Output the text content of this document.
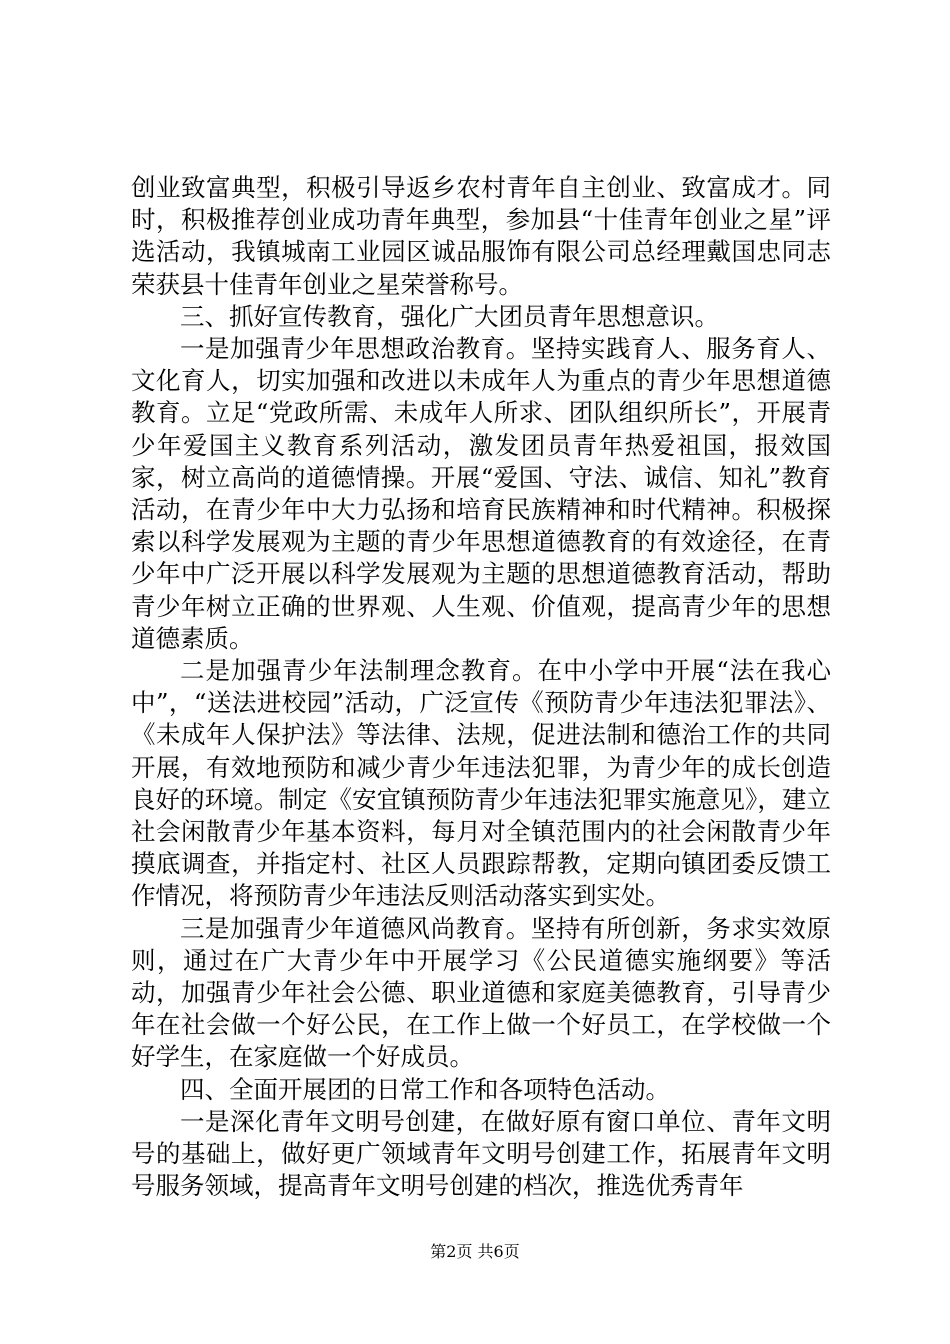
创业致富典型，积极引导返乡农村青年自主创业、致富成才。同时，积极推荐创业成功青年典型，参加县“十佳青年创业之星”评选活动，我镇城南工业园区诚品服饰有限公司总经理戴国忠同志荣获县十佳青年创业之星荣誉称号。

三、抓好宣传教育，强化广大团员青年思想意识。

一是加强青少年思想政治教育。坚持实践育人、服务育人、文化育人，切实加强和改进以未成年人为重点的青少年思想道德教育。立足“党政所需、未成年人所求、团队组织所长”，开展青少年爱国主义教育系列活动，激发团员青年热爱祖国，报效国家，树立高尚的道德情操。开展“爱国、守法、诚信、知礼”教育活动，在青少年中大力弘扬和培育民族精神和时代精神。积极探索以科学发展观为主题的青少年思想道德教育的有效途径，在青少年中广泛开展以科学发展观为主题的思想道德教育活动，帮助青少年树立正确的世界观、人生观、价值观，提高青少年的思想道德素质。

二是加强青少年法制理念教育。在中小学中开展“法在我心中”，“送法进校园”活动，广泛宣传《预防青少年违法犯罪法》、《未成年人保护法》等法律、法规，促进法制和德治工作的共同开展，有效地预防和减少青少年违法犯罪，为青少年的成长创造良好的环境。制定《安宜镇预防青少年违法犯罪实施意见》，建立社会闲散青少年基本资料，每月对全镇范围内的社会闲散青少年摸底调查，并指定村、社区人员跟踪帮教，定期向镇团委反馈工作情况，将预防青少年违法反则活动落实到实处。

三是加强青少年道德风尚教育。坚持有所创新，务求实效原则，通过在广大青少年中开展学习《公民道德实施纲要》等活动，加强青少年社会公德、职业道德和家庭美德教育，引导青少年在社会做一个好公民，在工作上做一个好员工，在学校做一个好学生，在家庭做一个好成员。

四、全面开展团的日常工作和各项特色活动。

一是深化青年文明号创建，在做好原有窗口单位、青年文明号的基础上，做好更广领域青年文明号创建工作，拓展青年文明号服务领域，提高青年文明号创建的档次，推选优秀青年

第2页 共6页
